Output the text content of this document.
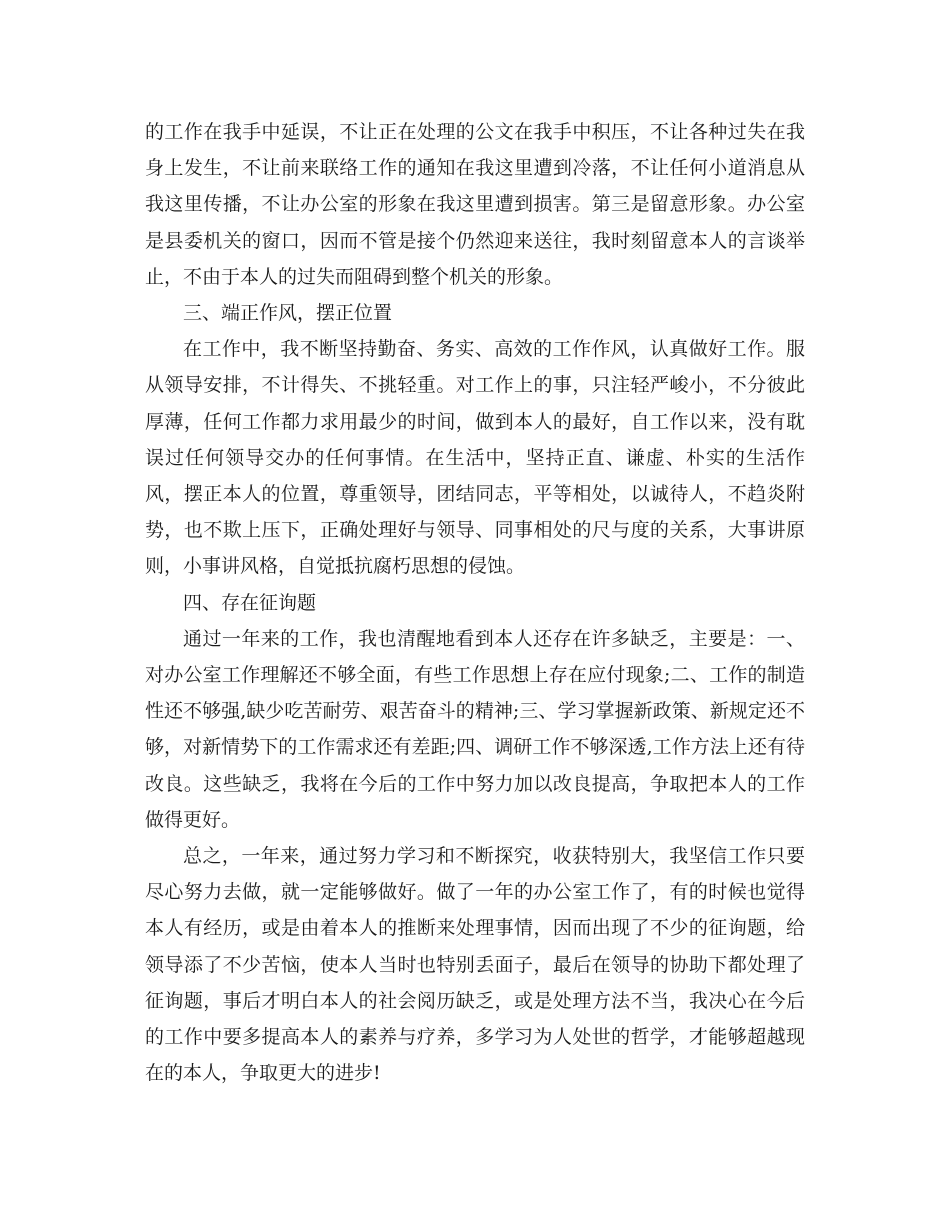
的工作在我手中延误，不让正在处理的公文在我手中积压，不让各种过失在我身上发生，不让前来联络工作的通知在我这里遭到冷落，不让任何小道消息从我这里传播，不让办公室的形象在我这里遭到损害。第三是留意形象。办公室是县委机关的窗口，因而不管是接个仍然迎来送往，我时刻留意本人的言谈举止，不由于本人的过失而阻碍到整个机关的形象。

三、端正作风，摆正位置

在工作中，我不断坚持勤奋、务实、高效的工作作风，认真做好工作。服从领导安排，不计得失、不挑轻重。对工作上的事，只注轻严峻小，不分彼此厚薄，任何工作都力求用最少的时间，做到本人的最好，自工作以来，没有耽误过任何领导交办的任何事情。在生活中，坚持正直、谦虚、朴实的生活作风，摆正本人的位置，尊重领导，团结同志，平等相处，以诚待人，不趋炎附势，也不欺上压下，正确处理好与领导、同事相处的尺与度的关系，大事讲原则，小事讲风格，自觉抵抗腐朽思想的侵蚀。

四、存在征询题

通过一年来的工作，我也清醒地看到本人还存在许多缺乏，主要是：一、对办公室工作理解还不够全面，有些工作思想上存在应付现象;二、工作的制造性还不够强,缺少吃苦耐劳、艰苦奋斗的精神;三、学习掌握新政策、新规定还不够，对新情势下的工作需求还有差距;四、调研工作不够深透,工作方法上还有待改良。这些缺乏，我将在今后的工作中努力加以改良提高，争取把本人的工作做得更好。

总之，一年来，通过努力学习和不断探究，收获特别大，我坚信工作只要尽心努力去做，就一定能够做好。做了一年的办公室工作了，有的时候也觉得本人有经历，或是由着本人的推断来处理事情，因而出现了不少的征询题，给领导添了不少苦恼，使本人当时也特别丢面子，最后在领导的协助下都处理了征询题，事后才明白本人的社会阅历缺乏，或是处理方法不当，我决心在今后的工作中要多提高本人的素养与疗养，多学习为人处世的哲学，才能够超越现在的本人，争取更大的进步!
